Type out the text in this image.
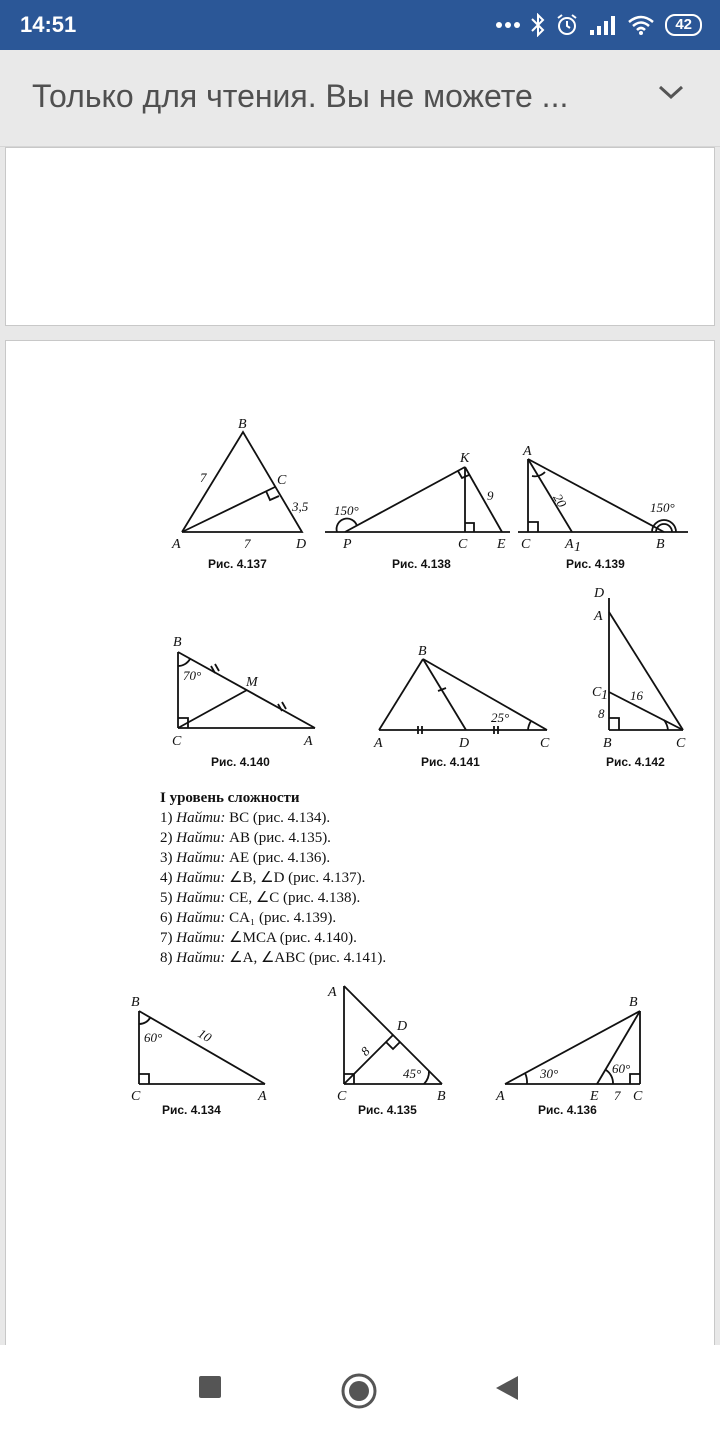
14:51	42
Только для чтения. Вы не можете ...
B
C
A	D
7
3,5
7
Рис. 4.137
K
P	C E
150°
9
Рис. 4.138
A
C A 1	B
20	150°
Рис. 4.139
B
M
C	A
70°
Рис. 4.140
B
A	D	C
25°
Рис. 4.141
D
A
C 1
B	C
16
8
Рис. 4.142
B
C	A
60°	10
Рис. 4.134
A
D
C	B
8
45°
Рис. 4.135
B
A	E C
30°	60°
7
Рис. 4.136
I уровень сложности
1) Найти: BC (рис. 4.134).
2) Найти: AB (рис. 4.135).
3) Найти: AE (рис. 4.136).
4) Найти: ∠B, ∠D (рис. 4.137).
5) Найти: CE, ∠C (рис. 4.138).
6) Найти: CA₁ (рис. 4.139).
7) Найти: ∠MCA (рис. 4.140).
8) Найти: ∠A, ∠ABC (рис. 4.141).
